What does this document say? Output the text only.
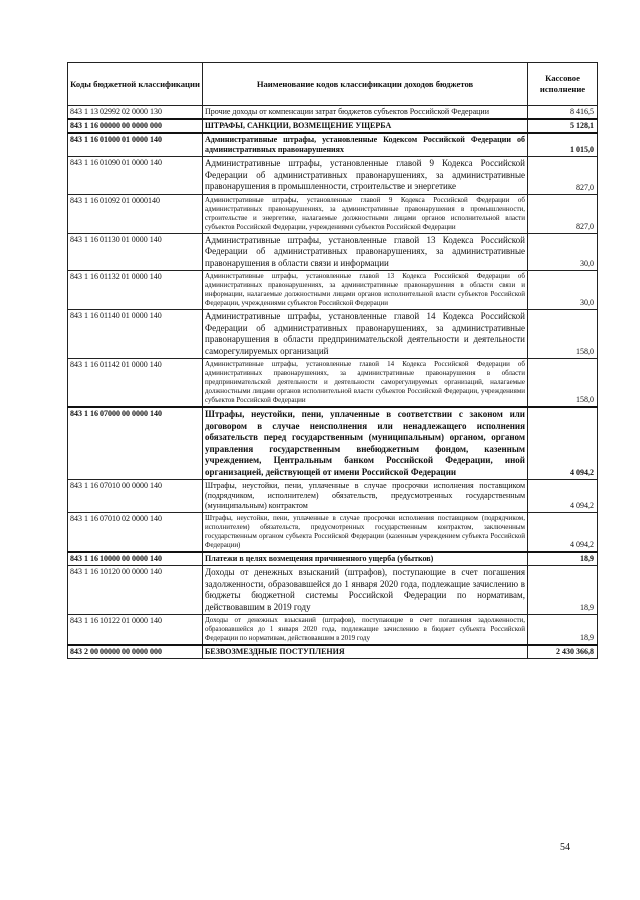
Коды бюджетной классификации	Наименование кодов классификации доходов бюджетов	Кассовое исполнение
843 1 13 02992 02 0000 130	Прочие доходы от компенсации затрат бюджетов субъектов Российской Федерации	8 416,5
843 1 16 00000 00 0000 000	ШТРАФЫ, САНКЦИИ, ВОЗМЕЩЕНИЕ УЩЕРБА	5 128,1
843 1 16 01000 01 0000 140	Административные штрафы, установленные Кодексом Российской Федерации об административных правонарушениях	1 015,0
843 1 16 01090 01 0000 140	Административные штрафы, установленные главой 9 Кодекса Российской Федерации об административных правонарушениях, за административные правонарушения в промышленности, строительстве и энергетике	827,0
843 1 16 01092 01 0000140	Административные штрафы, установленные главой 9 Кодекса Российской Федерации об административных правонарушениях, за административные правонарушения в промышленности, строительстве и энергетике, налагаемые должностными лицами органов исполнительной власти субъектов Российской Федерации, учреждениями субъектов Российской Федерации	827,0
843 1 16 01130 01 0000 140	Административные штрафы, установленные главой 13 Кодекса Российской Федерации об административных правонарушениях, за административные правонарушения в области связи и информации	30,0
843 1 16 01132 01 0000 140	Административные штрафы, установленные главой 13 Кодекса Российской Федерации об административных правонарушениях, за административные правонарушения в области связи и информации, налагаемые должностными лицами органов исполнительной власти субъектов Российской Федерации, учреждениями субъектов Российской Федерации	30,0
843 1 16 01140 01 0000 140	Административные штрафы, установленные главой 14 Кодекса Российской Федерации об административных правонарушениях, за административные правонарушения в области предпринимательской деятельности и деятельности саморегулируемых организаций	158,0
843 1 16 01142 01 0000 140	Административные штрафы, установленные главой 14 Кодекса Российской Федерации об административных правонарушениях, за административные правонарушения в области предпринимательской деятельности и деятельности саморегулируемых организаций, налагаемые должностными лицами органов исполнительной власти субъектов Российской Федерации, учреждениями субъектов Российской Федерации	158,0
843 1 16 07000 00 0000 140	Штрафы, неустойки, пени, уплаченные в соответствии с законом или договором в случае неисполнения или ненадлежащего исполнения обязательств перед государственным (муниципальным) органом, органом управления государственным внебюджетным фондом, казенным учреждением, Центральным банком Российской Федерации, иной организацией, действующей от имени Российской Федерации	4 094,2
843 1 16 07010 00 0000 140	Штрафы, неустойки, пени, уплаченные в случае просрочки исполнения поставщиком (подрядчиком, исполнителем) обязательств, предусмотренных государственным (муниципальным) контрактом	4 094,2
843 1 16 07010 02 0000 140	Штрафы, неустойки, пени, уплаченные в случае просрочки исполнения поставщиком (подрядчиком, исполнителем) обязательств, предусмотренных государственным контрактом, заключенным государственным органом субъекта Российской Федерации (казенным учреждением субъекта Российской Федерации)	4 094,2
843 1 16 10000 00 0000 140	Платежи в целях возмещения причиненного ущерба (убытков)	18,9
843 1 16 10120 00 0000 140	Доходы от денежных взысканий (штрафов), поступающие в счет погашения задолженности, образовавшейся до 1 января 2020 года, подлежащие зачислению в бюджеты бюджетной системы Российской Федерации по нормативам, действовавшим в 2019 году	18,9
843 1 16 10122 01 0000 140	Доходы от денежных взысканий (штрафов), поступающие в счет погашения задолженности, образовавшейся до 1 января 2020 года, подлежащие зачислению в бюджет субъекта Российской Федерации по нормативам, действовавшим в 2019 году	18,9
843 2 00 00000 00 0000 000	БЕЗВОЗМЕЗДНЫЕ ПОСТУПЛЕНИЯ	2 430 366,8
54
